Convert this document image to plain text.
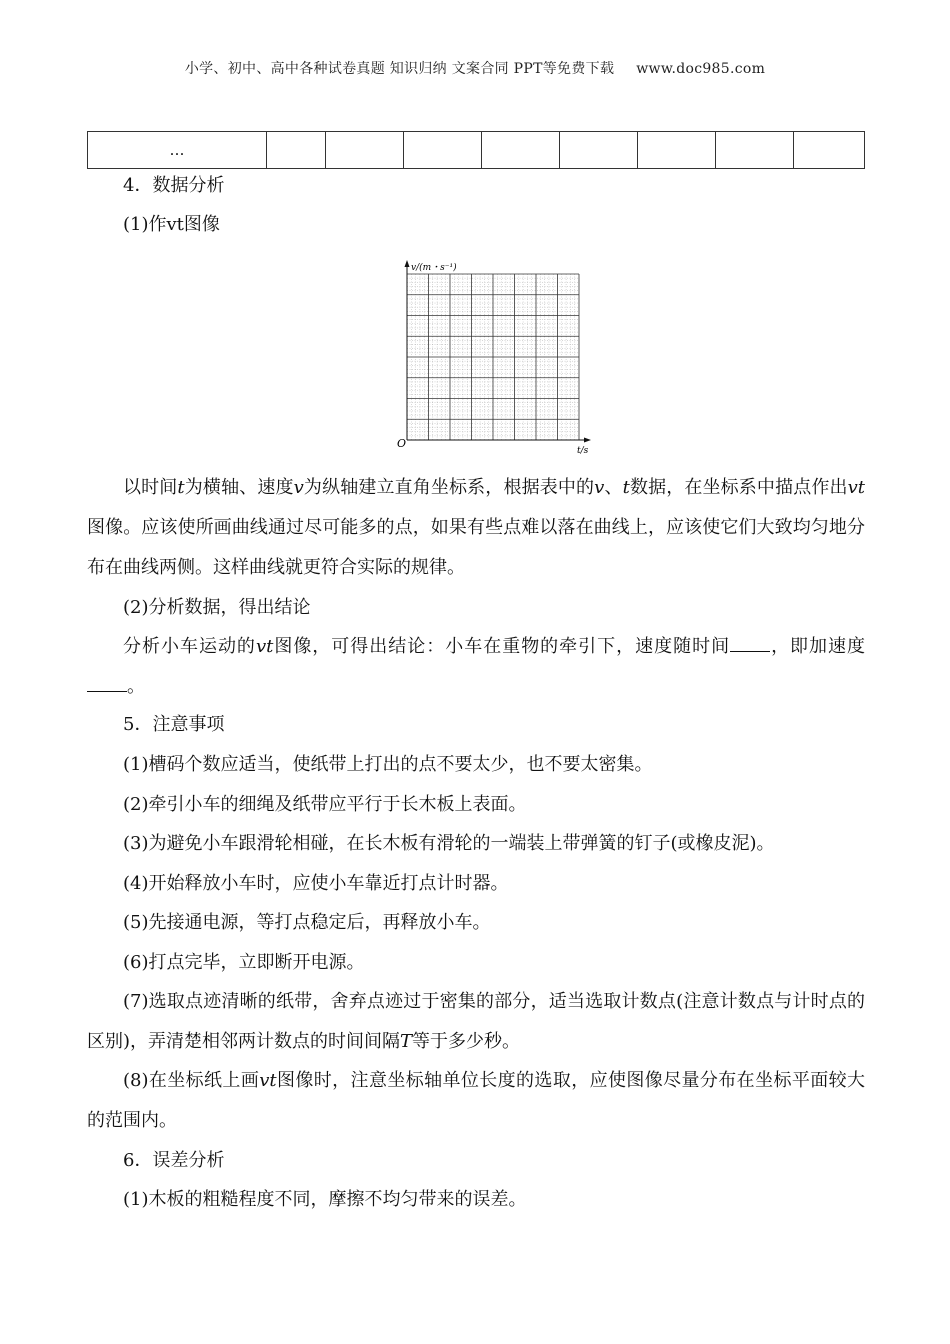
小学、初中、高中各种试卷真题 知识归纳 文案合同 PPT等免费下载 www.doc985.com
…								

4．数据分析

(1)作vt图像

v/(m・s⁻¹)
O
t/s

以时间t为横轴、速度v为纵轴建立直角坐标系，根据表中的v、t数据，在坐标系中描点作出vt图像。应该使所画曲线通过尽可能多的点，如果有些点难以落在曲线上，应该使它们大致均匀地分布在曲线两侧。这样曲线就更符合实际的规律。

(2)分析数据，得出结论

分析小车运动的vt图像，可得出结论：小车在重物的牵引下，速度随时间 ，即加速度。

5．注意事项

(1)槽码个数应适当，使纸带上打出的点不要太少，也不要太密集。

(2)牵引小车的细绳及纸带应平行于长木板上表面。

(3)为避免小车跟滑轮相碰，在长木板有滑轮的一端装上带弹簧的钉子(或橡皮泥)。

(4)开始释放小车时，应使小车靠近打点计时器。

(5)先接通电源，等打点稳定后，再释放小车。

(6)打点完毕，立即断开电源。

(7)选取点迹清晰的纸带，舍弃点迹过于密集的部分，适当选取计数点(注意计数点与计时点的区别)，弄清楚相邻两计数点的时间间隔T等于多少秒。

(8)在坐标纸上画vt图像时，注意坐标轴单位长度的选取，应使图像尽量分布在坐标平面较大的范围内。

6．误差分析

(1)木板的粗糙程度不同，摩擦不均匀带来的误差。
